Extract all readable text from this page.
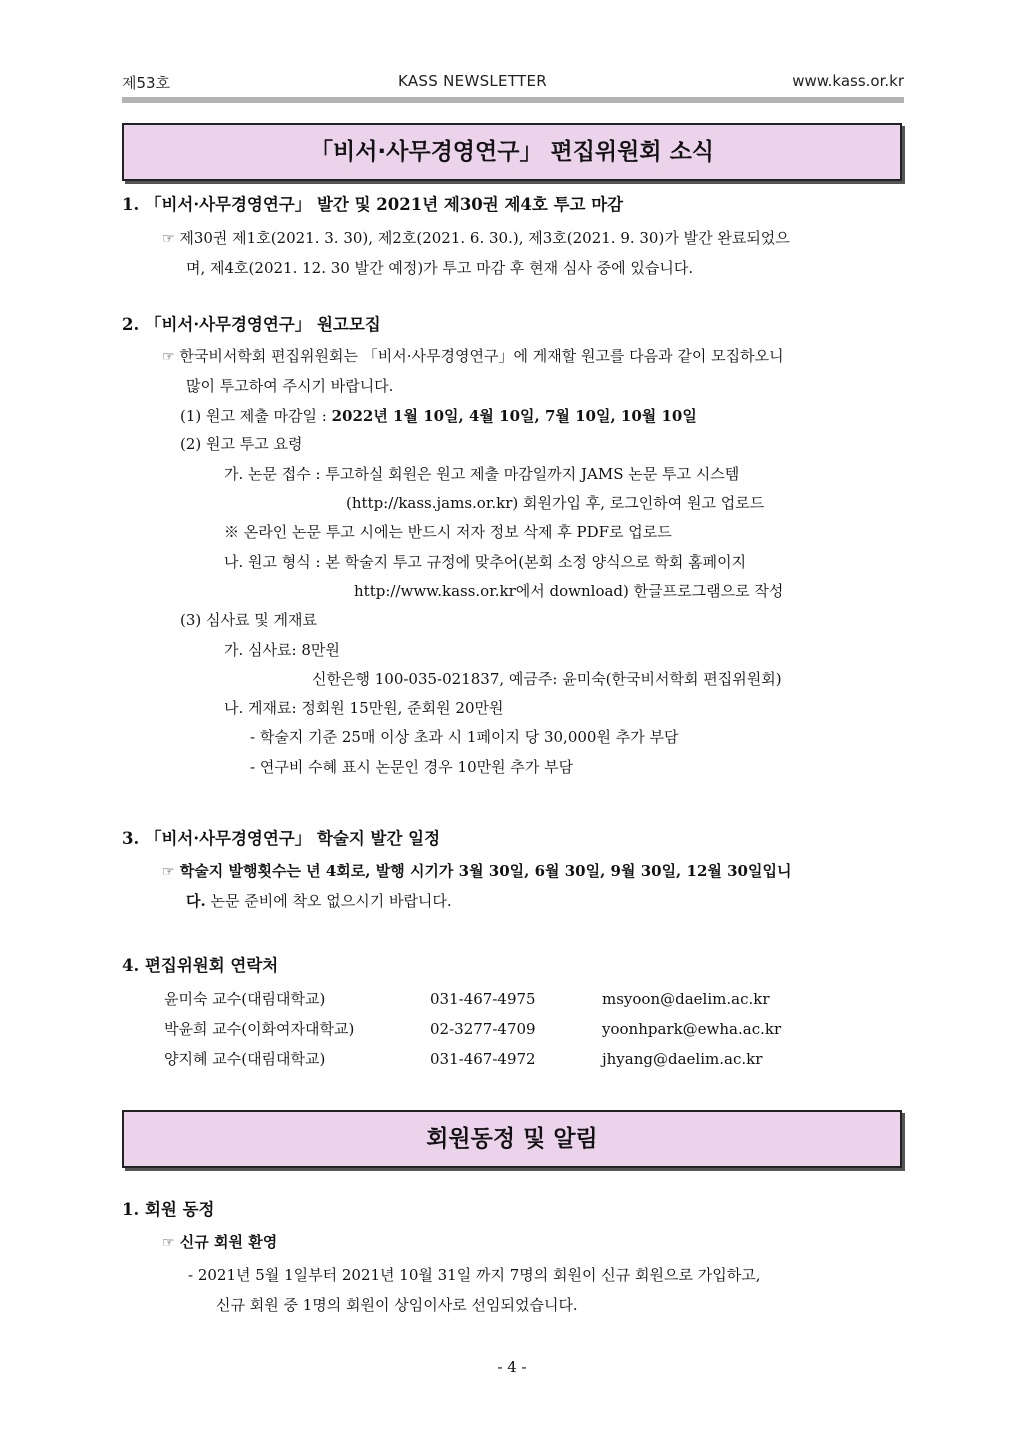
제53호	KASS NEWSLETTER	www.kass.or.kr
「비서·사무경영연구」 편집위원회 소식
1. 「비서·사무경영연구」 발간 및 2021년 제30권 제4호 투고 마감
☞ 제30권 제1호(2021. 3. 30), 제2호(2021. 6. 30.), 제3호(2021. 9. 30)가 발간 완료되었으
며, 제4호(2021. 12. 30 발간 예정)가 투고 마감 후 현재 심사 중에 있습니다.
2. 「비서·사무경영연구」 원고모집
☞ 한국비서학회 편집위원회는 「비서·사무경영연구」에 게재할 원고를 다음과 같이 모집하오니
많이 투고하여 주시기 바랍니다.
(1) 원고 제출 마감일 : 2022년 1월 10일, 4월 10일, 7월 10일, 10월 10일
(2) 원고 투고 요령
가. 논문 접수 : 투고하실 회원은 원고 제출 마감일까지 JAMS 논문 투고 시스템
(http://kass.jams.or.kr) 회원가입 후, 로그인하여 원고 업로드
※ 온라인 논문 투고 시에는 반드시 저자 정보 삭제 후 PDF로 업로드
나. 원고 형식 : 본 학술지 투고 규정에 맞추어(본회 소정 양식으로 학회 홈페이지
http://www.kass.or.kr에서 download) 한글프로그램으로 작성
(3) 심사료 및 게재료
가. 심사료: 8만원
신한은행 100-035-021837, 예금주: 윤미숙(한국비서학회 편집위원회)
나. 게재료: 정회원 15만원, 준회원 20만원
- 학술지 기준 25매 이상 초과 시 1페이지 당 30,000원 추가 부담
- 연구비 수혜 표시 논문인 경우 10만원 추가 부담
3. 「비서·사무경영연구」 학술지 발간 일정
☞ 학술지 발행횟수는 년 4회로, 발행 시기가 3월 30일, 6월 30일, 9월 30일, 12월 30일입니
다. 논문 준비에 착오 없으시기 바랍니다.
4. 편집위원회 연락처
윤미숙 교수(대림대학교)	031-467-4975	msyoon@daelim.ac.kr
박윤희 교수(이화여자대학교)	02-3277-4709	yoonhpark@ewha.ac.kr
양지혜 교수(대림대학교)	031-467-4972	jhyang@daelim.ac.kr
회원동정 및 알림
1. 회원 동정
☞ 신규 회원 환영
- 2021년 5월 1일부터 2021년 10월 31일 까지 7명의 회원이 신규 회원으로 가입하고,
신규 회원 중 1명의 회원이 상임이사로 선임되었습니다.
- 4 -
